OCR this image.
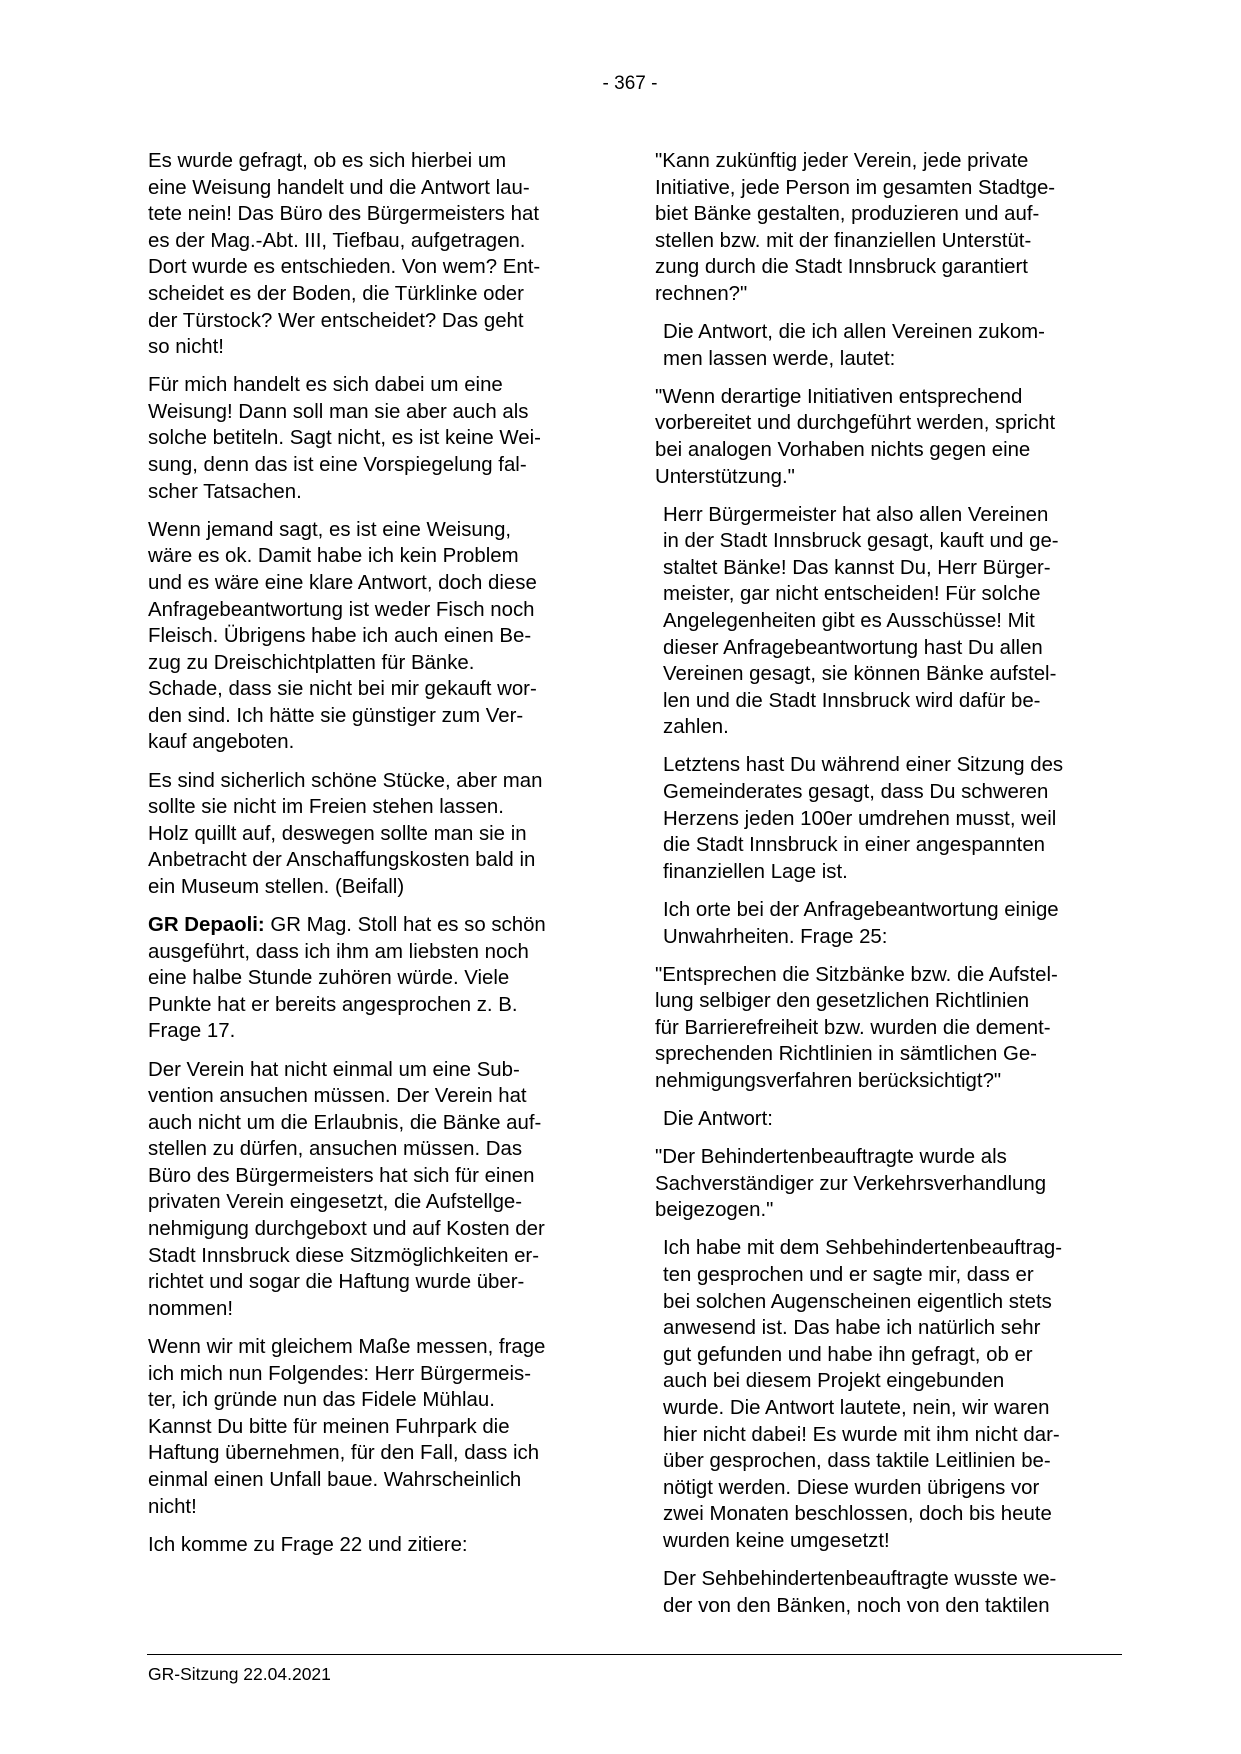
- 367 -

Es wurde gefragt, ob es sich hierbei um
eine Weisung handelt und die Antwort lau-
tete nein! Das Büro des Bürgermeisters hat
es der Mag.-Abt. III, Tiefbau, aufgetragen.
Dort wurde es entschieden. Von wem? Ent-
scheidet es der Boden, die Türklinke oder
der Türstock? Wer entscheidet? Das geht
so nicht!

Für mich handelt es sich dabei um eine
Weisung! Dann soll man sie aber auch als
solche betiteln. Sagt nicht, es ist keine Wei-
sung, denn das ist eine Vorspiegelung fal-
scher Tatsachen.

Wenn jemand sagt, es ist eine Weisung,
wäre es ok. Damit habe ich kein Problem
und es wäre eine klare Antwort, doch diese
Anfragebeantwortung ist weder Fisch noch
Fleisch. Übrigens habe ich auch einen Be-
zug zu Dreischichtplatten für Bänke.
Schade, dass sie nicht bei mir gekauft wor-
den sind. Ich hätte sie günstiger zum Ver-
kauf angeboten.

Es sind sicherlich schöne Stücke, aber man
sollte sie nicht im Freien stehen lassen.
Holz quillt auf, deswegen sollte man sie in
Anbetracht der Anschaffungskosten bald in
ein Museum stellen. (Beifall)

GR Depaoli: GR Mag. Stoll hat es so schön
ausgeführt, dass ich ihm am liebsten noch
eine halbe Stunde zuhören würde. Viele
Punkte hat er bereits angesprochen z. B.
Frage 17.

Der Verein hat nicht einmal um eine Sub-
vention ansuchen müssen. Der Verein hat
auch nicht um die Erlaubnis, die Bänke auf-
stellen zu dürfen, ansuchen müssen. Das
Büro des Bürgermeisters hat sich für einen
privaten Verein eingesetzt, die Aufstellge-
nehmigung durchgeboxt und auf Kosten der
Stadt Innsbruck diese Sitzmöglichkeiten er-
richtet und sogar die Haftung wurde über-
nommen!

Wenn wir mit gleichem Maße messen, frage
ich mich nun Folgendes: Herr Bürgermeis-
ter, ich gründe nun das Fidele Mühlau.
Kannst Du bitte für meinen Fuhrpark die
Haftung übernehmen, für den Fall, dass ich
einmal einen Unfall baue. Wahrscheinlich
nicht!

Ich komme zu Frage 22 und zitiere:

"Kann zukünftig jeder Verein, jede private
Initiative, jede Person im gesamten Stadtge-
biet Bänke gestalten, produzieren und auf-
stellen bzw. mit der finanziellen Unterstüt-
zung durch die Stadt Innsbruck garantiert
rechnen?"

Die Antwort, die ich allen Vereinen zukom-
men lassen werde, lautet:

"Wenn derartige Initiativen entsprechend
vorbereitet und durchgeführt werden, spricht
bei analogen Vorhaben nichts gegen eine
Unterstützung."

Herr Bürgermeister hat also allen Vereinen
in der Stadt Innsbruck gesagt, kauft und ge-
staltet Bänke! Das kannst Du, Herr Bürger-
meister, gar nicht entscheiden! Für solche
Angelegenheiten gibt es Ausschüsse! Mit
dieser Anfragebeantwortung hast Du allen
Vereinen gesagt, sie können Bänke aufstel-
len und die Stadt Innsbruck wird dafür be-
zahlen.

Letztens hast Du während einer Sitzung des
Gemeinderates gesagt, dass Du schweren
Herzens jeden 100er umdrehen musst, weil
die Stadt Innsbruck in einer angespannten
finanziellen Lage ist.

Ich orte bei der Anfragebeantwortung einige
Unwahrheiten. Frage 25:

"Entsprechen die Sitzbänke bzw. die Aufstel-
lung selbiger den gesetzlichen Richtlinien
für Barrierefreiheit bzw. wurden die dement-
sprechenden Richtlinien in sämtlichen Ge-
nehmigungsverfahren berücksichtigt?"

Die Antwort:

"Der Behindertenbeauftragte wurde als
Sachverständiger zur Verkehrsverhandlung
beigezogen."

Ich habe mit dem Sehbehindertenbeauftrag-
ten gesprochen und er sagte mir, dass er
bei solchen Augenscheinen eigentlich stets
anwesend ist. Das habe ich natürlich sehr
gut gefunden und habe ihn gefragt, ob er
auch bei diesem Projekt eingebunden
wurde. Die Antwort lautete, nein, wir waren
hier nicht dabei! Es wurde mit ihm nicht dar-
über gesprochen, dass taktile Leitlinien be-
nötigt werden. Diese wurden übrigens vor
zwei Monaten beschlossen, doch bis heute
wurden keine umgesetzt!

Der Sehbehindertenbeauftragte wusste we-
der von den Bänken, noch von den taktilen

GR-Sitzung 22.04.2021
